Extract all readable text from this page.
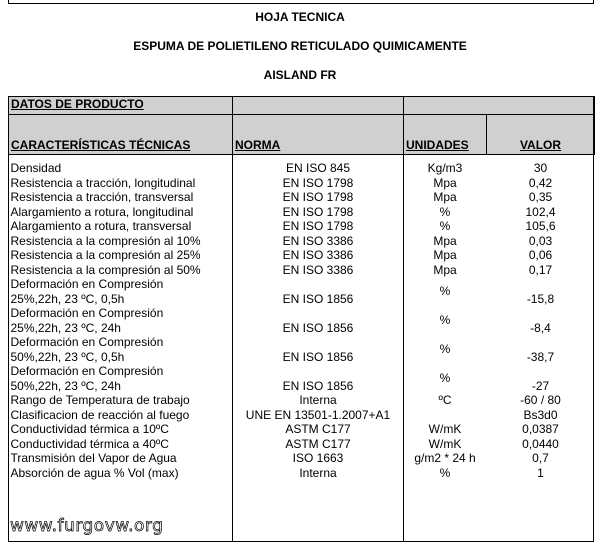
HOJA TECNICA
ESPUMA DE POLIETILENO RETICULADO QUIMICAMENTE
AISLAND FR
DATOS DE PRODUCTO			
CARACTERÍSTICAS TÉCNICAS	NORMA	UNIDADES	VALOR

Densidad	EN ISO 845	Kg/m3	30
Resistencia a tracción, longitudinal	EN ISO 1798	Mpa	0,42
Resistencia a tracción, transversal	EN ISO 1798	Mpa	0,35
Alargamiento a rotura, longitudinal	EN ISO 1798	%	102,4
Alargamiento a rotura, transversal	EN ISO 1798	%	105,6
Resistencia a la compresión al 10%	EN ISO 3386	Mpa	0,03
Resistencia a la compresión al 25%	EN ISO 3386	Mpa	0,06
Resistencia a la compresión al 50%	EN ISO 3386	Mpa	0,17
Deformación en Compresión
25%,22h, 23 ºC, 0,5h	EN ISO 1856	%	-15,8
Deformación en Compresión
25%,22h, 23 ºC, 24h	EN ISO 1856	%	-8,4
Deformación en Compresión
50%,22h, 23 ºC, 0,5h	EN ISO 1856	%	-38,7
Deformación en Compresión
50%,22h, 23 ºC, 24h	EN ISO 1856	%	-27
Rango de Temperatura de trabajo	Interna	ºC	-60 / 80
Clasificacion de reacción al fuego	UNE EN 13501-1.2007+A1		Bs3d0
Conductividad térmica a 10ºC	ASTM C177	W/mK	0,0387
Conductividad térmica a 40ºC	ASTM C177	W/mK	0,0440
Transmisión del Vapor de Agua	ISO 1663	g/m2 * 24 h	0,7
Absorción de agua % Vol (max)	Interna	%	1
www.furgovw.org
